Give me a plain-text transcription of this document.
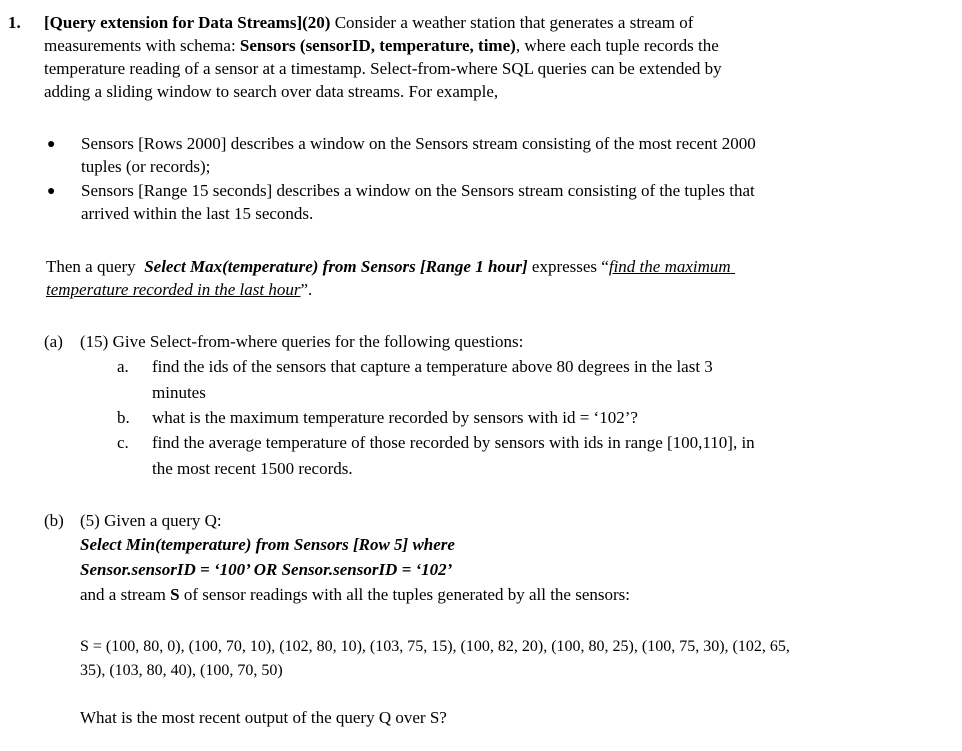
1. [Query extension for Data Streams](20) Consider a weather station that generates a stream of
measurements with schema: Sensors (sensorID, temperature, time), where each tuple records the
temperature reading of a sensor at a timestamp. Select-from-where SQL queries can be extended by
adding a sliding window to search over data streams. For example,
● Sensors [Rows 2000] describes a window on the Sensors stream consisting of the most recent 2000
tuples (or records);
● Sensors [Range 15 seconds] describes a window on the Sensors stream consisting of the tuples that
arrived within the last 15 seconds.
Then a query Select Max(temperature) from Sensors [Range 1 hour] expresses “find the maximum
temperature recorded in the last hour”.
(a) (15) Give Select-from-where queries for the following questions:
a. find the ids of the sensors that capture a temperature above 80 degrees in the last 3
minutes
b. what is the maximum temperature recorded by sensors with id = ‘102’?
c. find the average temperature of those recorded by sensors with ids in range [100,110], in
the most recent 1500 records.
(b) (5) Given a query Q:
Select Min(temperature) from Sensors [Row 5] where
Sensor.sensorID = ‘100’ OR Sensor.sensorID = ‘102’
and a stream S of sensor readings with all the tuples generated by all the sensors:
S = (100, 80, 0), (100, 70, 10), (102, 80, 10), (103, 75, 15), (100, 82, 20), (100, 80, 25), (100, 75, 30), (102, 65,
35), (103, 80, 40), (100, 70, 50)
What is the most recent output of the query Q over S?
